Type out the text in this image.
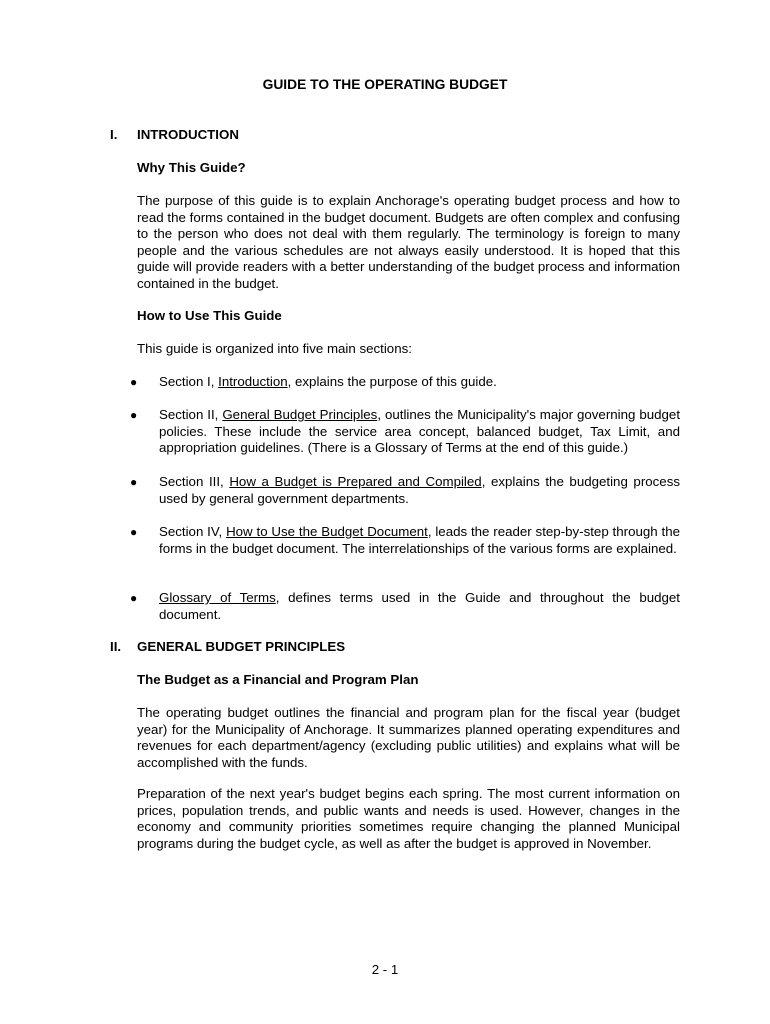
GUIDE TO THE OPERATING BUDGET
I. INTRODUCTION
Why This Guide?

The purpose of this guide is to explain Anchorage's operating budget process and how to read the forms contained in the budget document. Budgets are often complex and confusing to the person who does not deal with them regularly. The terminology is foreign to many people and the various schedules are not always easily understood. It is hoped that this guide will provide readers with a better understanding of the budget process and information contained in the budget.

How to Use This Guide
This guide is organized into five main sections:
● Section I, Introduction, explains the purpose of this guide.

● Section II, General Budget Principles, outlines the Municipality's major governing budget policies. These include the service area concept, balanced budget, Tax Limit, and appropriation guidelines. (There is a Glossary of Terms at the end of this guide.)

● Section III, How a Budget is Prepared and Compiled, explains the budgeting process used by general government departments.

● Section IV, How to Use the Budget Document, leads the reader step-by-step through the forms in the budget document. The interrelationships of the various forms are explained.

● Glossary of Terms, defines terms used in the Guide and throughout the budget document.

II. GENERAL BUDGET PRINCIPLES
The Budget as a Financial and Program Plan

The operating budget outlines the financial and program plan for the fiscal year (budget year) for the Municipality of Anchorage. It summarizes planned operating expenditures and revenues for each department/agency (excluding public utilities) and explains what will be accomplished with the funds.

Preparation of the next year's budget begins each spring. The most current information on prices, population trends, and public wants and needs is used. However, changes in the economy and community priorities sometimes require changing the planned Municipal programs during the budget cycle, as well as after the budget is approved in November.

2 - 1
